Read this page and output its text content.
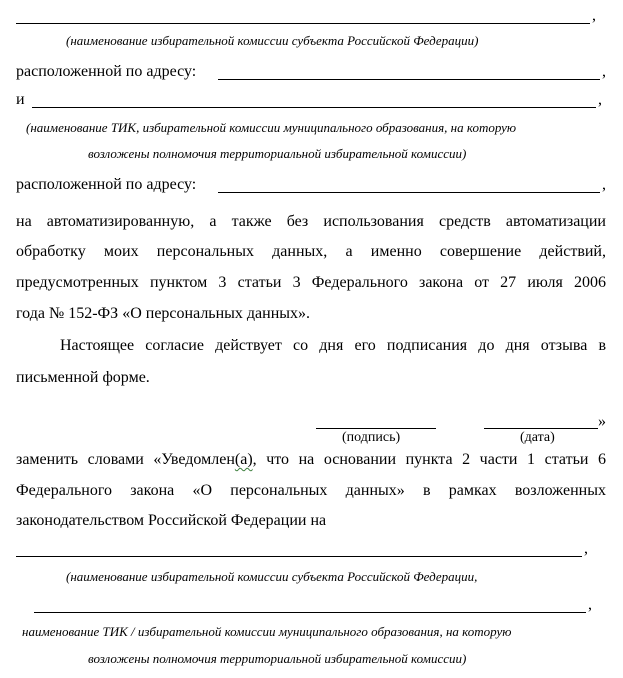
,
(наименование избирательной комиссии субъекта Российской Федерации)
расположенной по адресу:	,
и	,
(наименование ТИК, избирательной комиссии муниципального образования, на которую
возложены полномочия территориальной избирательной комиссии)
расположенной по адресу:	,
на автоматизированную, а также без использования средств автоматизации
обработку моих персональных данных, а именно совершение действий,
предусмотренных пунктом 3 статьи 3 Федерального закона от 27 июля 2006
года № 152-ФЗ «О персональных данных».
Настоящее согласие действует со дня его подписания до дня отзыва в
письменной форме.
»
(подпись)	(дата)
заменить словами «Уведомлен(а), что на основании пункта 2 части 1 статьи 6
Федерального закона «О персональных данных» в рамках возложенных
законодательством Российской Федерации на
,
(наименование избирательной комиссии субъекта Российской Федерации,
,
наименование ТИК / избирательной комиссии муниципального образования, на которую
возложены полномочия территориальной избирательной комиссии)
